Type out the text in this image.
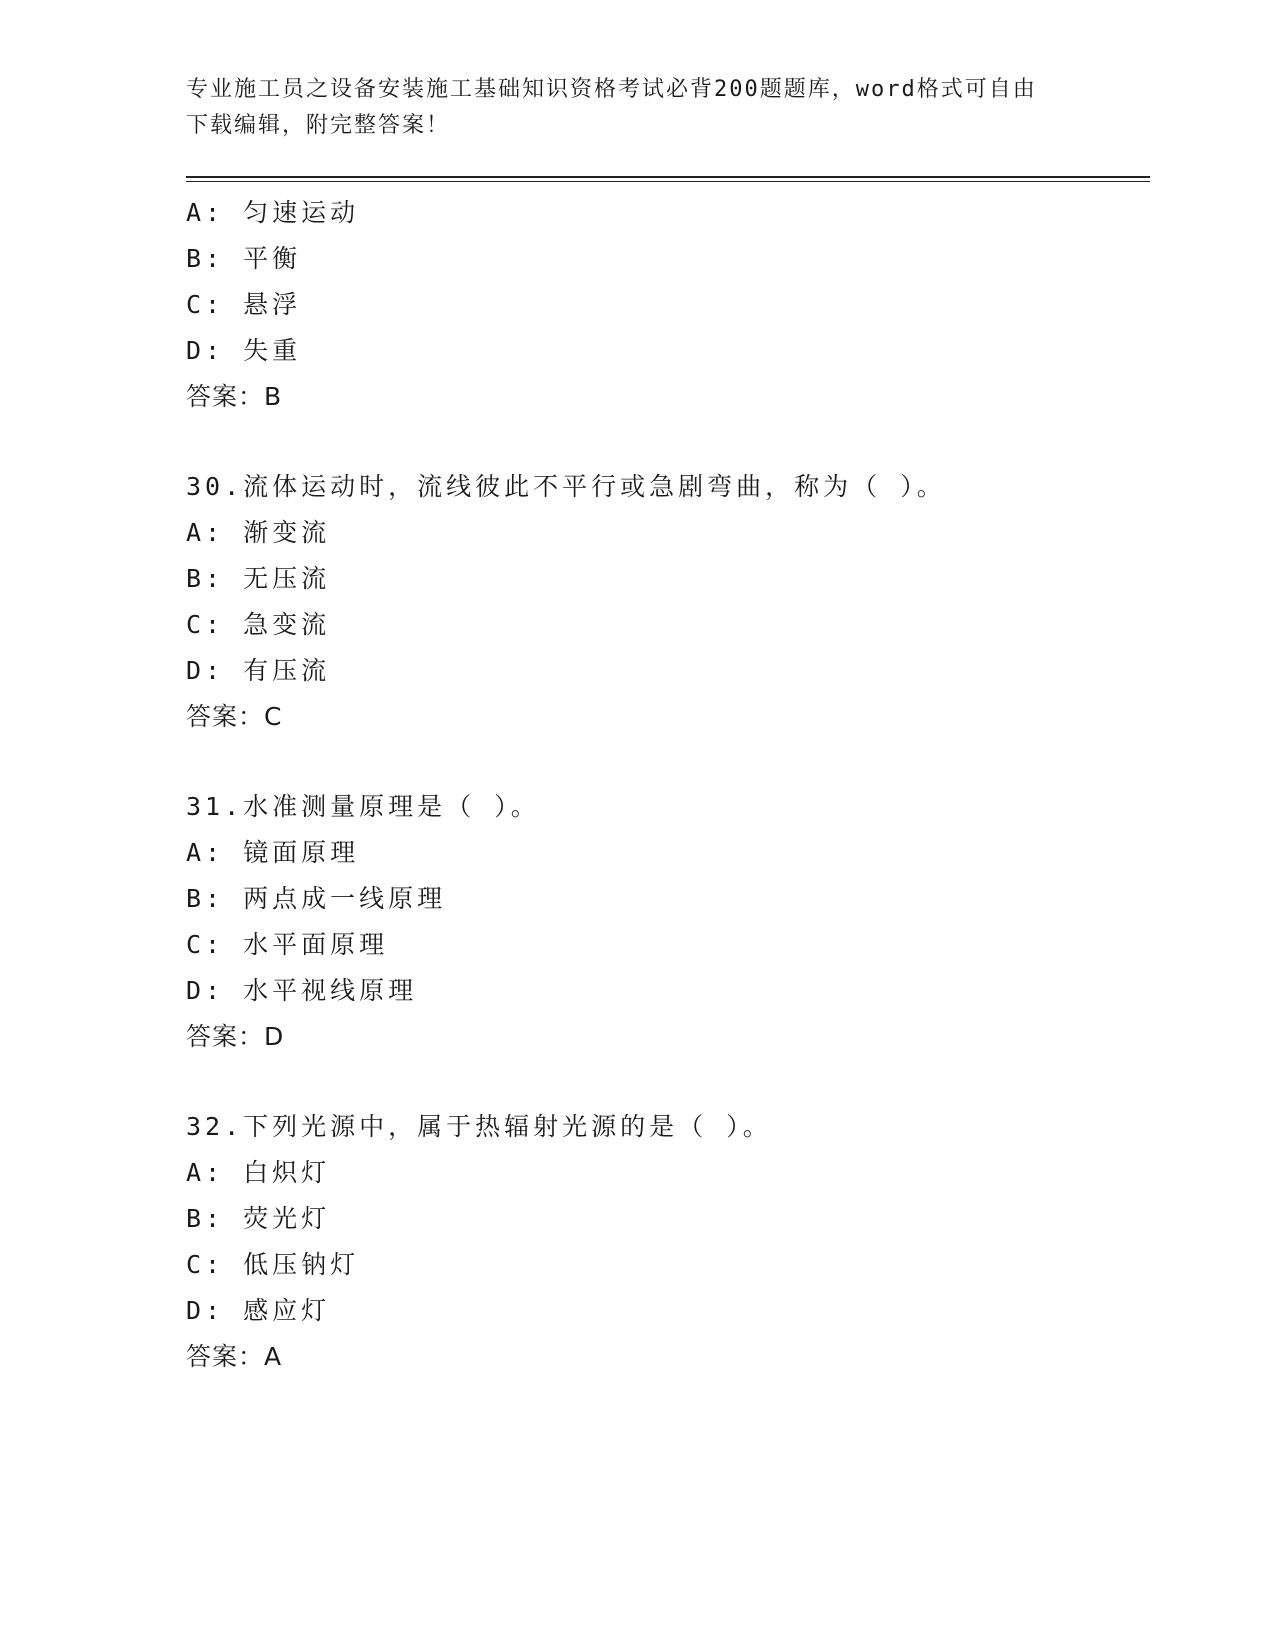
专业施工员之设备安装施工基础知识资格考试必背200题题库，word格式可自由
下载编辑，附完整答案！
A: 匀速运动
B: 平衡
C: 悬浮
D: 失重
答案：B
30.流体运动时，流线彼此不平行或急剧弯曲，称为（ ）。
A: 渐变流
B: 无压流
C: 急变流
D: 有压流
答案：C
31.水准测量原理是（ ）。
A: 镜面原理
B: 两点成一线原理
C: 水平面原理
D: 水平视线原理
答案：D
32.下列光源中，属于热辐射光源的是（ ）。
A: 白炽灯
B: 荧光灯
C: 低压钠灯
D: 感应灯
答案：A
